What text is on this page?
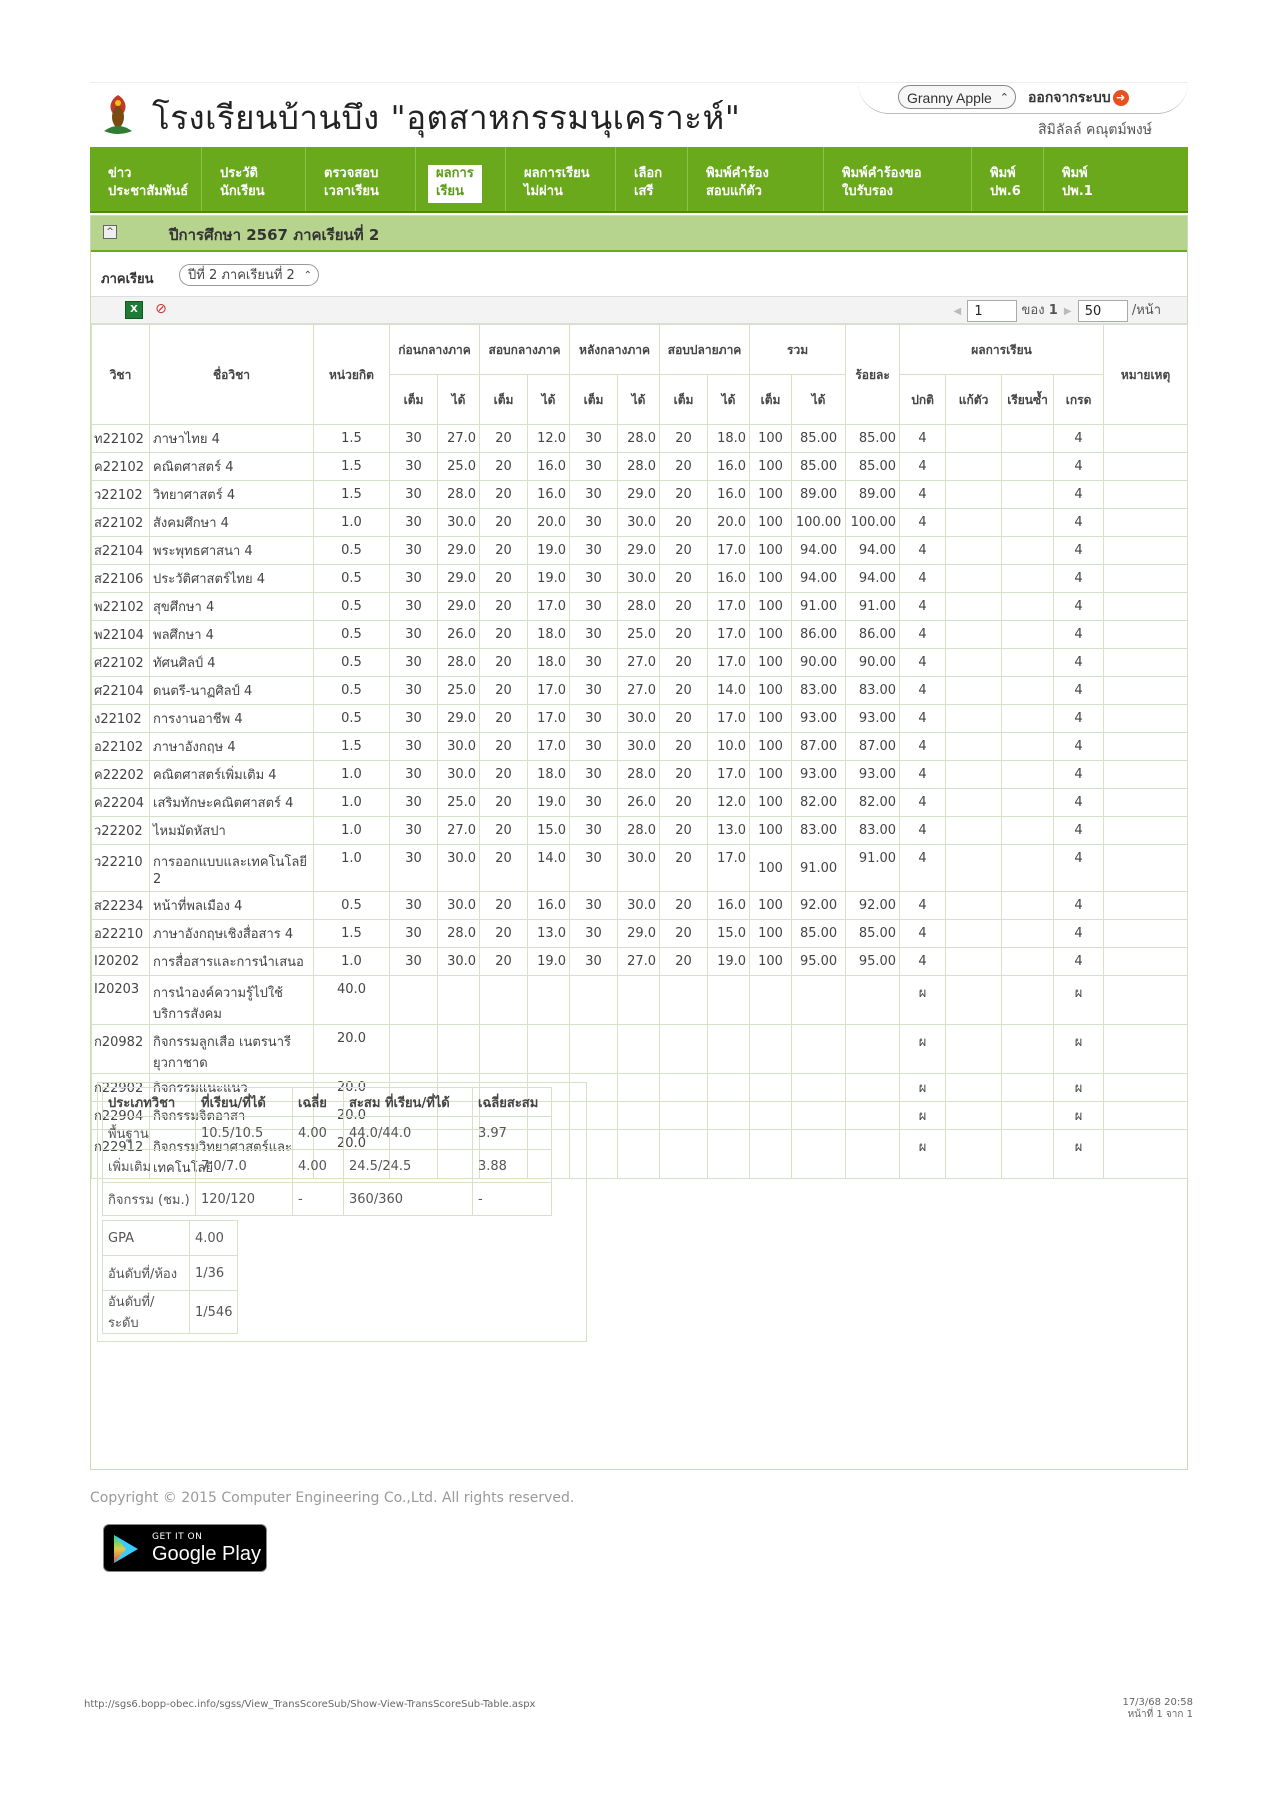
โรงเรียนบ้านบึง "อุตสาหกรรมนุเคราะห์"	Granny Apple ⌃ ออกจากระบบ ➜
สิมิลัลล์ คณุตม์พงษ์
ข่าว
ประชาสัมพันธ์
ประวัติ
นักเรียน
ตรวจสอบ
เวลาเรียน
ผลการ
เรียน
ผลการเรียน
ไม่ผ่าน
เลือก
เสรี
พิมพ์คำร้อง
สอบแก้ตัว
พิมพ์คำร้องขอ
ใบรับรอง
พิมพ์
ปพ.6
พิมพ์
ปพ.1
^	ปีการศึกษา 2567 ภาคเรียนที่ 2
ภาคเรียน	ปีที่ 2 ภาคเรียนที่ 2 ⌃
X	⊘	◀ 1	ของ 1 ▶ 50 /หน้า
วิชา	ชื่อวิชา	หน่วยกิต	ก่อนกลางภาค		สอบกลางภาค		หลังกลางภาค		สอบปลายภาค		รวม		ร้อยละ	ผลการเรียน				หมายเหตุ
			เต็ม	ได้	เต็ม	ได้	เต็ม	ได้	เต็ม	ได้	เต็ม	ได้		ปกติ	แก้ตัว	เรียนซ้ำ	เกรด	
ท22102	ภาษาไทย 4	1.5	30	27.0	20	12.0	30	28.0	20	18.0	100	85.00	85.00	4			4	
ค22102	คณิตศาสตร์ 4	1.5	30	25.0	20	16.0	30	28.0	20	16.0	100	85.00	85.00	4			4	
ว22102	วิทยาศาสตร์ 4	1.5	30	28.0	20	16.0	30	29.0	20	16.0	100	89.00	89.00	4			4	
ส22102	สังคมศึกษา 4	1.0	30	30.0	20	20.0	30	30.0	20	20.0	100	100.00	100.00	4			4	
ส22104	พระพุทธศาสนา 4	0.5	30	29.0	20	19.0	30	29.0	20	17.0	100	94.00	94.00	4			4	
ส22106	ประวัติศาสตร์ไทย 4	0.5	30	29.0	20	19.0	30	30.0	20	16.0	100	94.00	94.00	4			4	
พ22102	สุขศึกษา 4	0.5	30	29.0	20	17.0	30	28.0	20	17.0	100	91.00	91.00	4			4	
พ22104	พลศึกษา 4	0.5	30	26.0	20	18.0	30	25.0	20	17.0	100	86.00	86.00	4			4	
ศ22102	ทัศนศิลป์ 4	0.5	30	28.0	20	18.0	30	27.0	20	17.0	100	90.00	90.00	4			4	
ศ22104	ดนตรี-นาฏศิลป์ 4	0.5	30	25.0	20	17.0	30	27.0	20	14.0	100	83.00	83.00	4			4	
ง22102	การงานอาชีพ 4	0.5	30	29.0	20	17.0	30	30.0	20	17.0	100	93.00	93.00	4			4	
อ22102	ภาษาอังกฤษ 4	1.5	30	30.0	20	17.0	30	30.0	20	10.0	100	87.00	87.00	4			4	
ค22202	คณิตศาสตร์เพิ่มเติม 4	1.0	30	30.0	20	18.0	30	28.0	20	17.0	100	93.00	93.00	4			4	
ค22204	เสริมทักษะคณิตศาสตร์ 4	1.0	30	25.0	20	19.0	30	26.0	20	12.0	100	82.00	82.00	4			4	
ว22202	ไหมมัดหัสปา	1.0	30	27.0	20	15.0	30	28.0	20	13.0	100	83.00	83.00	4			4	
ว22210	การออกแบบและเทคโนโลยี 2	1.0	30	30.0	20	14.0	30	30.0	20	17.0	100	91.00	91.00	4			4	
ส22234	หน้าที่พลเมือง 4	0.5	30	30.0	20	16.0	30	30.0	20	16.0	100	92.00	92.00	4			4	
อ22210	ภาษาอังกฤษเชิงสื่อสาร 4	1.5	30	28.0	20	13.0	30	29.0	20	15.0	100	85.00	85.00	4			4	
I20202	การสื่อสารและการนำเสนอ	1.0	30	30.0	20	19.0	30	27.0	20	19.0	100	95.00	95.00	4			4	
I20203	การนำองค์ความรู้ไปใช้บริการสังคม	40.0												ผ			ผ	
ก20982	กิจกรรมลูกเสือ เนตรนารี ยุวกาชาด	20.0												ผ			ผ	
ก22902	กิจกรรมแนะแนว	20.0												ผ			ผ	
ก22904	กิจกรรมจิตอาสา	20.0												ผ			ผ	
ก22912	กิจกรรมวิทยาศาสตร์และเทคโนโลยี	20.0												ผ			ผ	
ประเภทวิชา	ที่เรียน/ที่ได้	เฉลี่ย	สะสม ที่เรียน/ที่ได้	เฉลี่ยสะสม
พื้นฐาน	10.5/10.5	4.00	44.0/44.0	3.97
เพิ่มเติม	7.0/7.0	4.00	24.5/24.5	3.88
กิจกรรม (ชม.)	120/120	-	360/360	-
GPA	4.00
อันดับที่/ห้อง	1/36
อันดับที่/ระดับ	1/546
Copyright © 2015 Computer Engineering Co.,Ltd. All rights reserved.
GET IT ON
Google Play
http://sgs6.bopp-obec.info/sgss/View_TransScoreSub/Show-View-TransScoreSub-Table.aspx	17/3/68 20:58
หน้าที่ 1 จาก 1
